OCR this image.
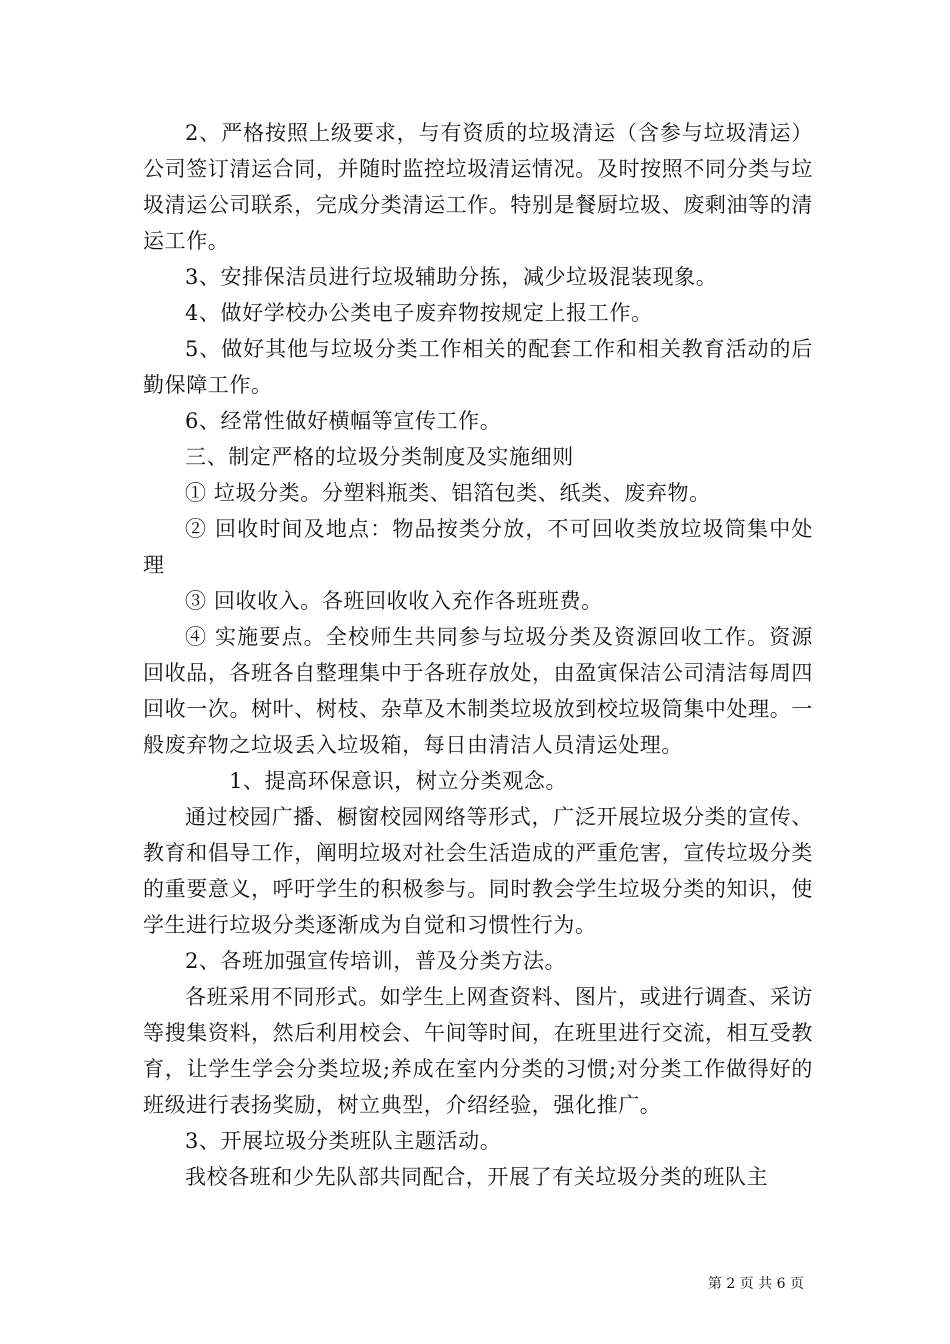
2、严格按照上级要求，与有资质的垃圾清运（含参与垃圾清运）公司签订清运合同，并随时监控垃圾清运情况。及时按照不同分类与垃圾清运公司联系，完成分类清运工作。特别是餐厨垃圾、废剩油等的清运工作。

3、安排保洁员进行垃圾辅助分拣，减少垃圾混装现象。

4、做好学校办公类电子废弃物按规定上报工作。

5、做好其他与垃圾分类工作相关的配套工作和相关教育活动的后勤保障工作。

6、经常性做好横幅等宣传工作。

三、制定严格的垃圾分类制度及实施细则

① 垃圾分类。分塑料瓶类、铝箔包类、纸类、废弃物。

② 回收时间及地点：物品按类分放，不可回收类放垃圾筒集中处理

③ 回收收入。各班回收收入充作各班班费。

④ 实施要点。全校师生共同参与垃圾分类及资源回收工作。资源回收品，各班各自整理集中于各班存放处，由盈寅保洁公司清洁每周四回收一次。树叶、树枝、杂草及木制类垃圾放到校垃圾筒集中处理。一般废弃物之垃圾丢入垃圾箱，每日由清洁人员清运处理。

1、提高环保意识，树立分类观念。

通过校园广播、橱窗校园网络等形式，广泛开展垃圾分类的宣传、教育和倡导工作，阐明垃圾对社会生活造成的严重危害，宣传垃圾分类的重要意义，呼吁学生的积极参与。同时教会学生垃圾分类的知识，使学生进行垃圾分类逐渐成为自觉和习惯性行为。

2、各班加强宣传培训，普及分类方法。

各班采用不同形式。如学生上网查资料、图片，或进行调查、采访等搜集资料，然后利用校会、午间等时间，在班里进行交流，相互受教育，让学生学会分类垃圾;养成在室内分类的习惯;对分类工作做得好的班级进行表扬奖励，树立典型，介绍经验，强化推广。

3、开展垃圾分类班队主题活动。

我校各班和少先队部共同配合，开展了有关垃圾分类的班队主

第 2 页 共 6 页
